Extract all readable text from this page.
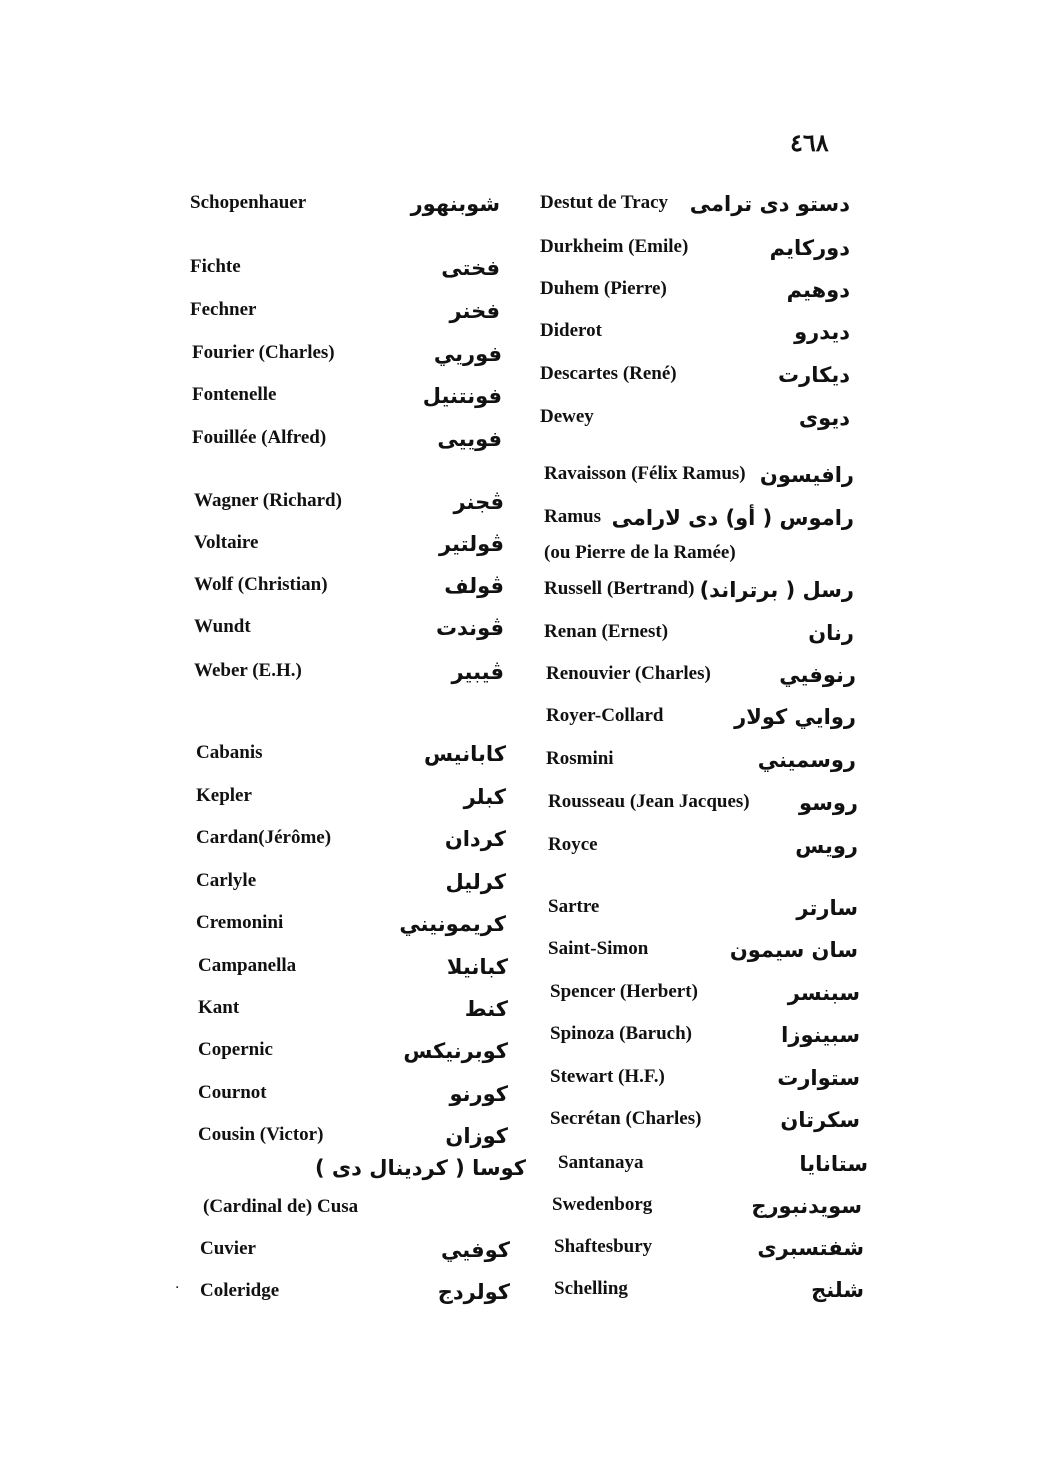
٤٦٨
Schopenhauer	شوبنهور
Fichte	فختى
Fechner	فخنر
Fourier (Charles)	فوريي
Fontenelle	فونتنيل
Fouillée (Alfred)	فوييى
Wagner (Richard)	ڤجنر
Voltaire	ڤولتير
Wolf (Christian)	ڤولف
Wundt	ڤوندت
Weber (E.H.)	ڤيبير
Cabanis	كابانيس
Kepler	كبلر
Cardan(Jérôme)	كردان
Carlyle	كرليل
Cremonini	كريمونيني
Campanella	كبانيلا
Kant	كنط
Copernic	كوبرنيكس
Cournot	كورنو
Cousin (Victor)	كوزان
Cuvier	كوفيي
Coleridge	كولردج
Destut de Tracy دستو دى ترامى
Durkheim (Emile)	دوركايم
Duhem (Pierre)	دوهيم
Diderot	ديدرو
Descartes (René)	ديكارت
Dewey	ديوى
Ravaisson (Félix Ramus) رافيسون
Ramus راموس ( أو) دى لارامى
(ou Pierre de la Ramée)
Russell (Bertrand) رسل ( برتراند)
Renan (Ernest)	رنان
Renouvier (Charles)	رنوفيي
Royer-Collard	روايي كولار
Rosmini	روسميني
Rousseau (Jean Jacques) روسو
Royce	رويس
Sartre	سارتر
Saint-Simon	سان سيمون
Spencer (Herbert)	سبنسر
Spinoza (Baruch)	سبينوزا
Stewart (H.F.)	ستوارت
Secrétan (Charles)	سكرتان
Santanaya	ستانايا
Swedenborg	سويدنبورج
Shaftesbury	شفتسبرى
Schelling	شلنج
كوسا ( كردينال دى )
(Cardinal de) Cusa
·
